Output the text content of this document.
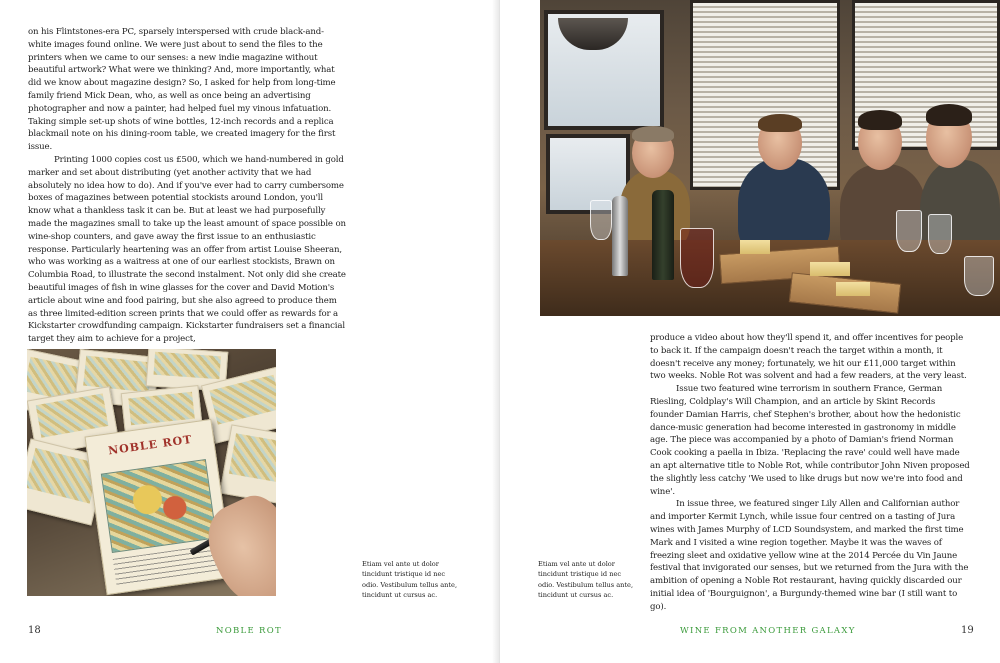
on his Flintstones-era PC, sparsely interspersed with crude black-and-white images found online. We were just about to send the files to the printers when we came to our senses: a new indie magazine without beautiful artwork? What were we thinking? And, more importantly, what did we know about magazine design? So, I asked for help from long-time family friend Mick Dean, who, as well as once being an advertising photographer and now a painter, had helped fuel my vinous infatuation. Taking simple set-up shots of wine bottles, 12-inch records and a replica blackmail note on his dining-room table, we created imagery for the first issue.

Printing 1000 copies cost us £500, which we hand-numbered in gold marker and set about distributing (yet another activity that we had absolutely no idea how to do). And if you've ever had to carry cumbersome boxes of magazines between potential stockists around London, you'll know what a thankless task it can be. But at least we had purposefully made the magazines small to take up the least amount of space possible on wine-shop counters, and gave away the first issue to an enthusiastic response. Particularly heartening was an offer from artist Louise Sheeran, who was working as a waitress at one of our earliest stockists, Brawn on Columbia Road, to illustrate the second instalment. Not only did she create beautiful images of fish in wine glasses for the cover and David Motion's article about wine and food pairing, but she also agreed to produce them as three limited-edition screen prints that we could offer as rewards for a Kickstarter crowdfunding campaign. Kickstarter fundraisers set a financial target they aim to achieve for a project,

NOBLE ROT
Etiam vel ante ut dolor tincidunt tristique id nec odio. Vestibulum tellus ante, tincidunt ut cursus ac.
18	NOBLE ROT

produce a video about how they'll spend it, and offer incentives for people to back it. If the campaign doesn't reach the target within a month, it doesn't receive any money; fortunately, we hit our £11,000 target within two weeks. Noble Rot was solvent and had a few readers, at the very least.

Issue two featured wine terrorism in southern France, German Riesling, Coldplay's Will Champion, and an article by Skint Records founder Damian Harris, chef Stephen's brother, about how the hedonistic dance-music generation had become interested in gastronomy in middle age. The piece was accompanied by a photo of Damian's friend Norman Cook cooking a paella in Ibiza. 'Replacing the rave' could well have made an apt alternative title to Noble Rot, while contributor John Niven proposed the slightly less catchy 'We used to like drugs but now we're into food and wine'.

In issue three, we featured singer Lily Allen and Californian author and importer Kermit Lynch, while issue four centred on a tasting of Jura wines with James Murphy of LCD Soundsystem, and marked the first time Mark and I visited a wine region together. Maybe it was the waves of freezing sleet and oxidative yellow wine at the 2014 Percée du Vin Jaune festival that invigorated our senses, but we returned from the Jura with the ambition of opening a Noble Rot restaurant, having quickly discarded our initial idea of 'Bourguignon', a Burgundy-themed wine bar (I still want to go).

Etiam vel ante ut dolor tincidunt tristique id nec odio. Vestibulum tellus ante, tincidunt ut cursus ac.
WINE FROM ANOTHER GALAXY	19
